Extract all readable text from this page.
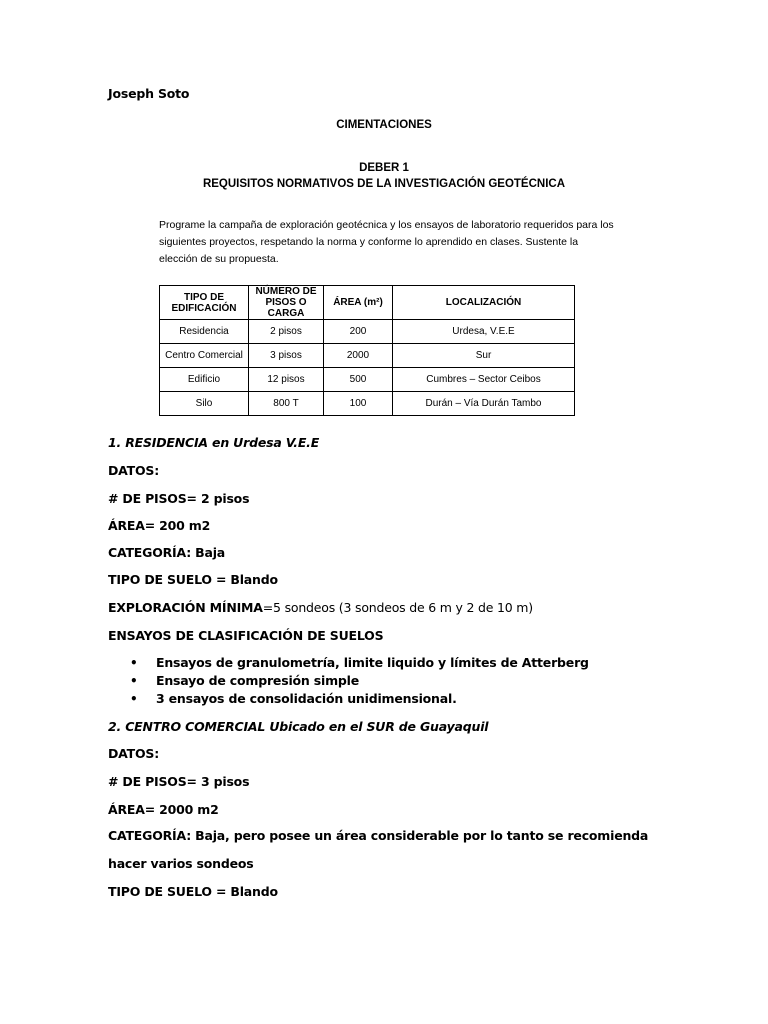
Joseph Soto
CIMENTACIONES
DEBER 1
REQUISITOS NORMATIVOS DE LA INVESTIGACIÓN GEOTÉCNICA
Programe la campaña de exploración geotécnica y los ensayos de laboratorio requeridos para los siguientes proyectos, respetando la norma y conforme lo aprendido en clases. Sustente la elección de su propuesta.
TIPO DE EDIFICACIÓN	NÚMERO DE PISOS O CARGA	ÁREA (m²)	LOCALIZACIÓN
Residencia	2 pisos	200	Urdesa, V.E.E
Centro Comercial	3 pisos	2000	Sur
Edificio	12 pisos	500	Cumbres – Sector Ceibos
Silo	800 T	100	Durán – Vía Durán Tambo
1. RESIDENCIA en Urdesa V.E.E
DATOS:
# DE PISOS= 2 pisos
ÁREA= 200 m2
CATEGORÍA: Baja
TIPO DE SUELO = Blando
EXPLORACIÓN MÍNIMA=5 sondeos (3 sondeos de 6 m y 2 de 10 m)
ENSAYOS DE CLASIFICACIÓN DE SUELOS
• Ensayos de granulometría, limite liquido y límites de Atterberg
• Ensayo de compresión simple
• 3 ensayos de consolidación unidimensional.
2. CENTRO COMERCIAL Ubicado en el SUR de Guayaquil
DATOS:
# DE PISOS= 3 pisos
ÁREA= 2000 m2
CATEGORÍA: Baja, pero posee un área considerable por lo tanto se recomienda
hacer varios sondeos
TIPO DE SUELO = Blando
